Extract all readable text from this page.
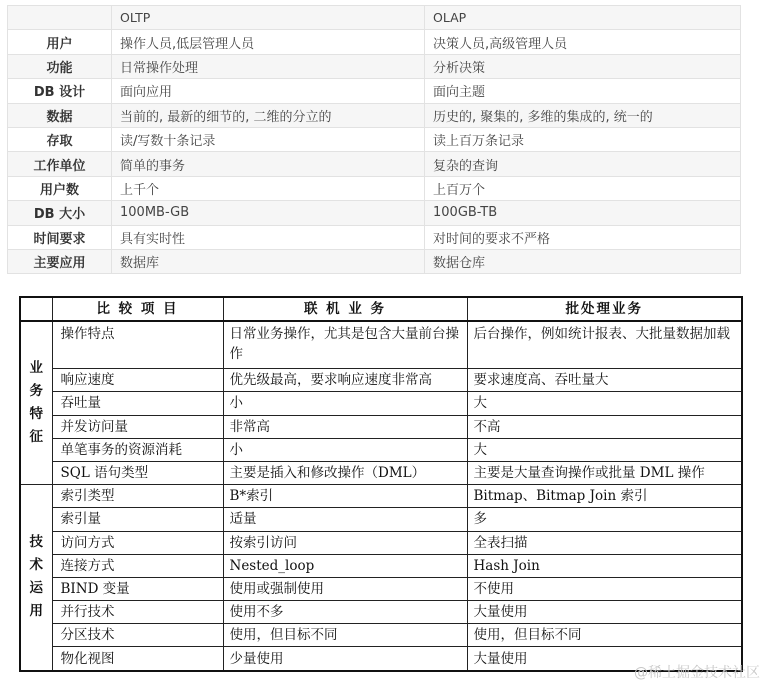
	OLTP	OLAP
用户	操作人员,低层管理人员	决策人员,高级管理人员
功能	日常操作处理	分析决策
DB 设计	面向应用	面向主题
数据	当前的, 最新的细节的, 二维的分立的	历史的, 聚集的, 多维的集成的, 统一的
存取	读/写数十条记录	读上百万条记录
工作单位	简单的事务	复杂的查询
用户数	上千个	上百万个
DB 大小	100MB-GB	100GB-TB
时间要求	具有实时性	对时间的要求不严格
主要应用	数据库	数据仓库
	比 较 项 目	联 机 业 务	批处理业务
业务特征	操作特点	日常业务操作，尤其是包含大量前台操作	后台操作，例如统计报表、大批量数据加载
	响应速度	优先级最高，要求响应速度非常高	要求速度高、吞吐量大
	吞吐量	小	大
	并发访问量	非常高	不高
	单笔事务的资源消耗	小	大
	SQL 语句类型	主要是插入和修改操作（DML）	主要是大量查询操作或批量 DML 操作
技术运用	索引类型	B*索引	Bitmap、Bitmap Join 索引
	索引量	适量	多
	访问方式	按索引访问	全表扫描
	连接方式	Nested_loop	Hash Join
	BIND 变量	使用或强制使用	不使用
	并行技术	使用不多	大量使用
	分区技术	使用，但目标不同	使用，但目标不同
	物化视图	少量使用	大量使用
@稀土掘金技术社区
